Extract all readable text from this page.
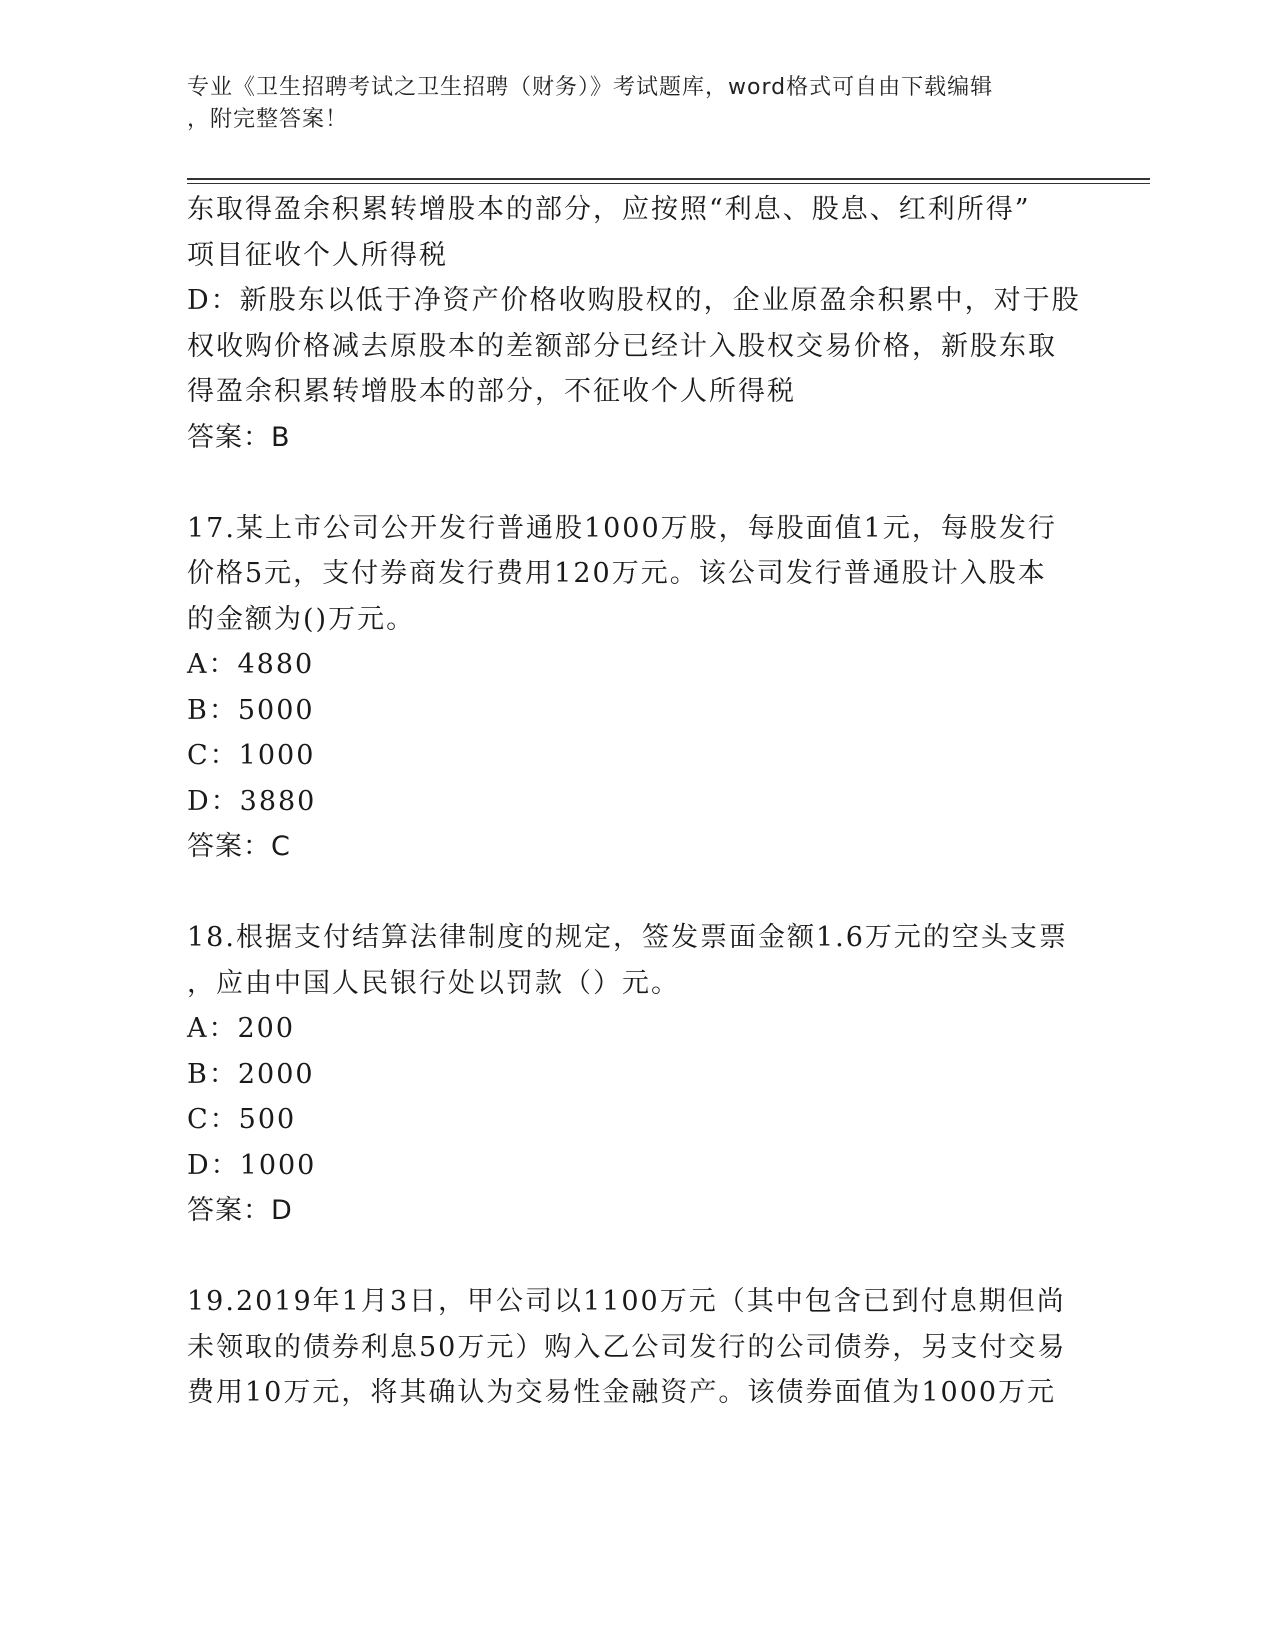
专业《卫生招聘考试之卫生招聘（财务）》考试题库，word格式可自由下载编辑
，附完整答案！
东取得盈余积累转增股本的部分，应按照“利息、股息、红利所得”
项目征收个人所得税
D：新股东以低于净资产价格收购股权的，企业原盈余积累中，对于股
权收购价格减去原股本的差额部分已经计入股权交易价格，新股东取
得盈余积累转增股本的部分，不征收个人所得税
答案：B
17.某上市公司公开发行普通股1000万股，每股面值1元，每股发行
价格5元，支付券商发行费用120万元。该公司发行普通股计入股本
的金额为()万元。
A：4880
B：5000
C：1000
D：3880
答案：C
18.根据支付结算法律制度的规定，签发票面金额1.6万元的空头支票
，应由中国人民银行处以罚款（）元。
A：200
B：2000
C：500
D：1000
答案：D
19.2019年1月3日，甲公司以1100万元（其中包含已到付息期但尚
未领取的债券利息50万元）购入乙公司发行的公司债券，另支付交易
费用10万元，将其确认为交易性金融资产。该债券面值为1000万元
